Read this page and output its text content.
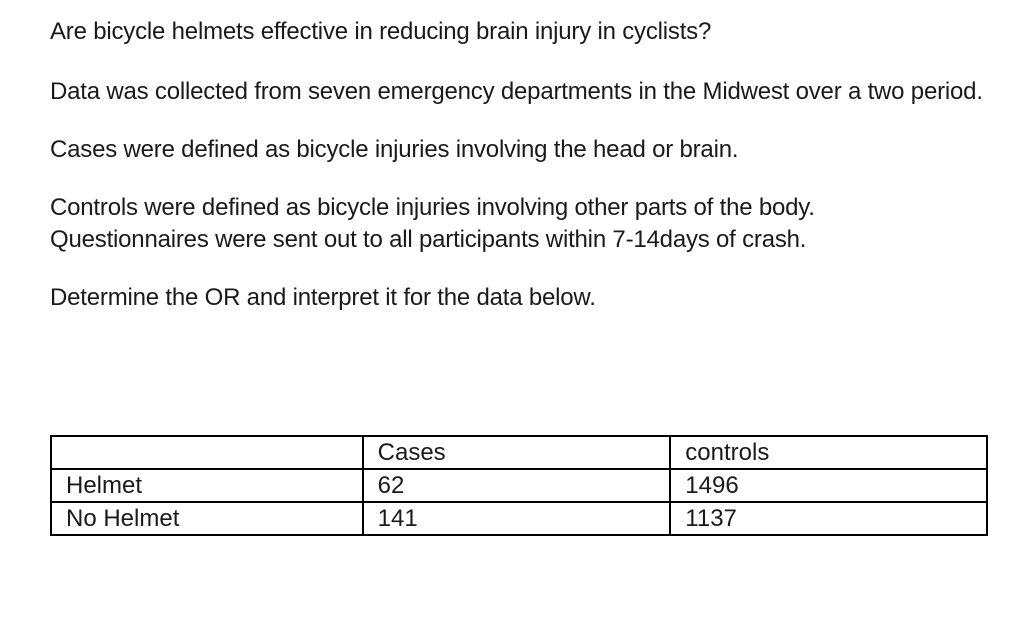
Are bicycle helmets effective in reducing brain injury in cyclists?

Data was collected from seven emergency departments in the Midwest over a two period.

Cases were defined as bicycle injuries involving the head or brain.

Controls were defined as bicycle injuries involving other parts of the body.

Questionnaires were sent out to all participants within 7-14days of crash.

Determine the OR and interpret it for the data below.

	Cases	controls
Helmet	62	1496
No Helmet	141	1137
